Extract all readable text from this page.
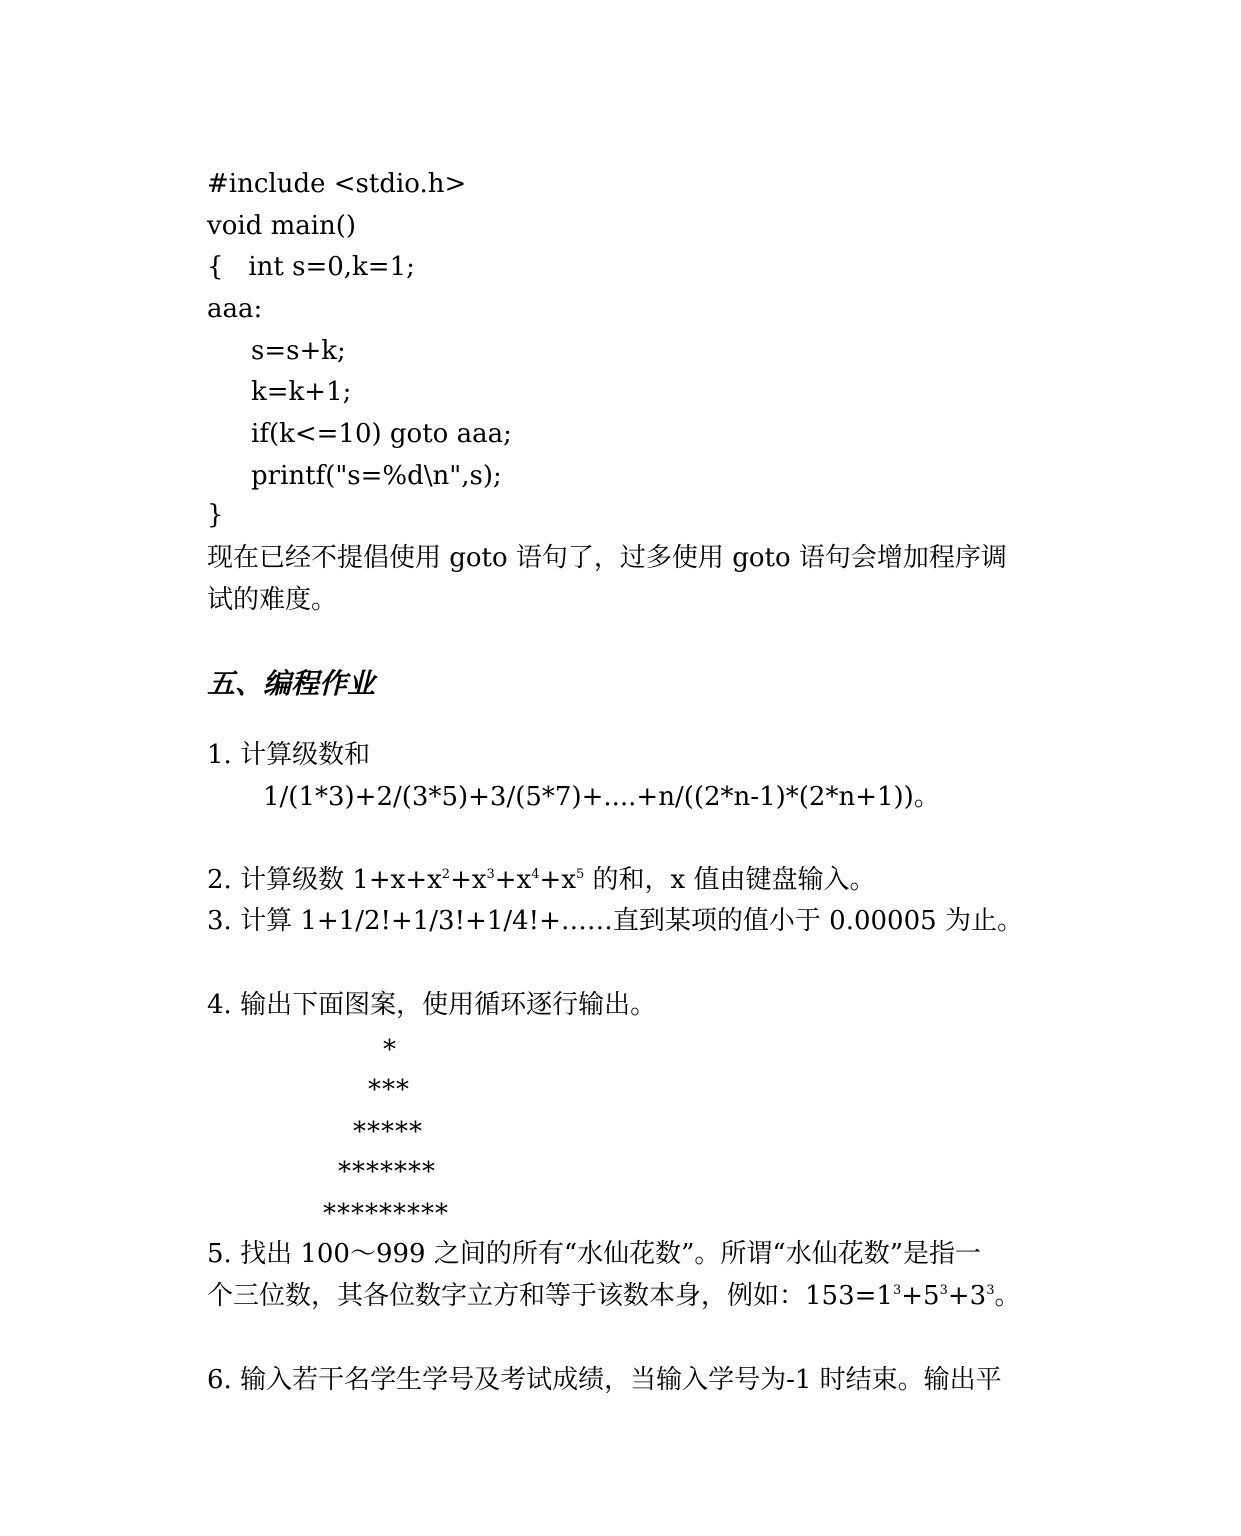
#include <stdio.h>
void main()
{   int s=0,k=1;
aaa:
s=s+k;
k=k+1;
if(k<=10) goto aaa;
printf("s=%d\n",s);
}
现在已经不提倡使用 goto 语句了，过多使用 goto 语句会增加程序调
试的难度。
五、编程作业
1. 计算级数和
1/(1*3)+2/(3*5)+3/(5*7)+....+n/((2*n-1)*(2*n+1))。
2. 计算级数 $1+x+x^2+x^3+x^4+x^5$ 的和，x 值由键盘输入。
3. 计算 1+1/2!+1/3!+1/4!+……直到某项的值小于 0.00005 为止。
4. 输出下面图案，使用循环逐行输出。
*
***
*****
*******
*********
5. 找出 100～999 之间的所有“水仙花数”。所谓“水仙花数”是指一
个三位数，其各位数字立方和等于该数本身，例如：$153=1^3+5^3+3^3$。
6. 输入若干名学生学号及考试成绩，当输入学号为-1 时结束。输出平
